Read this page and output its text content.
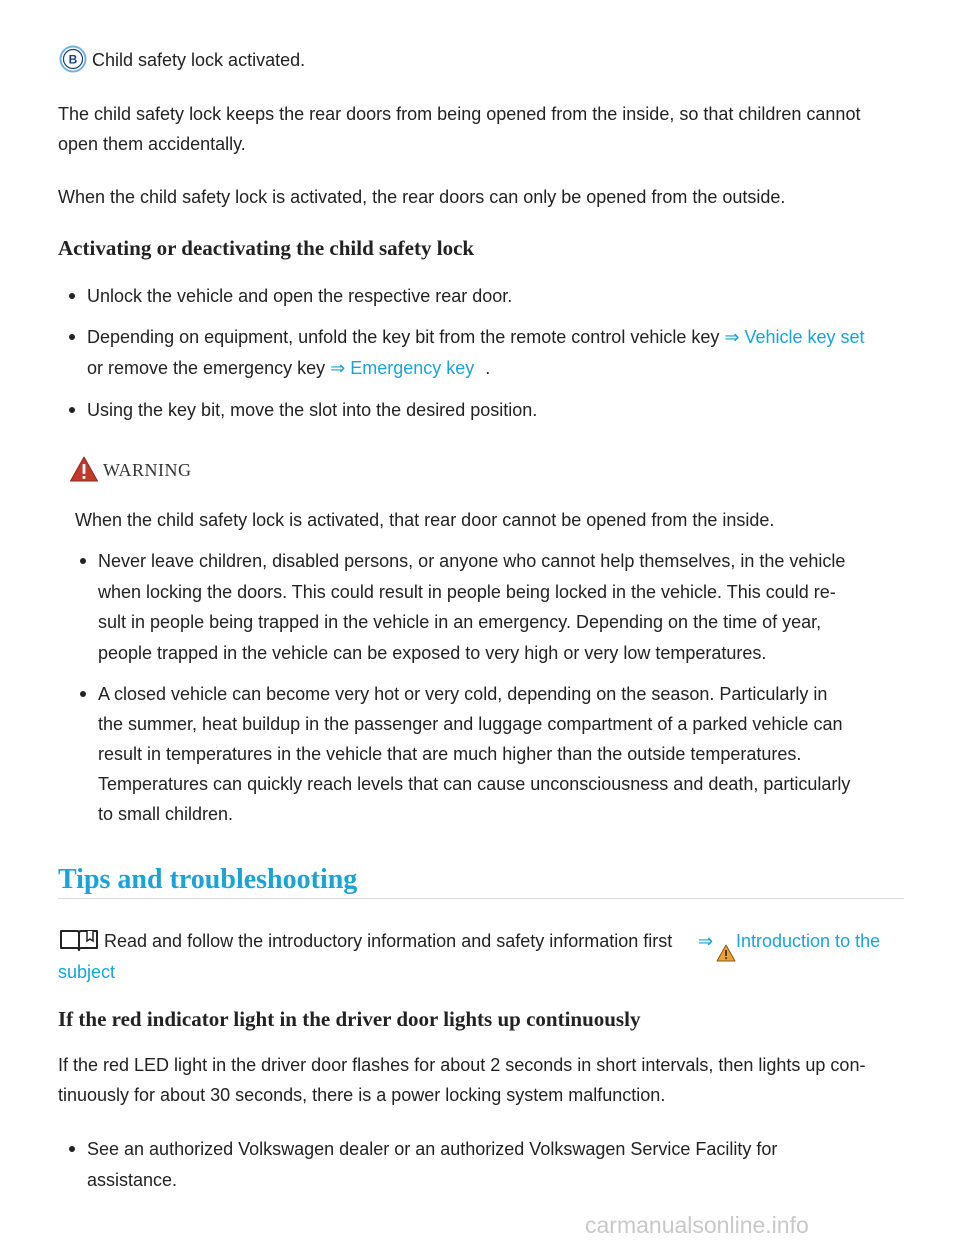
B Child safety lock activated.

The child safety lock keeps the rear doors from being opened from the inside, so that children cannot

open them accidentally.

When the child safety lock is activated, the rear doors can only be opened from the outside.

Activating or deactivating the child safety lock

Unlock the vehicle and open the respective rear door.

Depending on equipment, unfold the key bit from the remote control vehicle key ⇒ Vehicle key set

or remove the emergency key ⇒ Emergency key .

Using the key bit, move the slot into the desired position.

WARNING

When the child safety lock is activated, that rear door cannot be opened from the inside.

Never leave children, disabled persons, or anyone who cannot help themselves, in the vehicle

when locking the doors. This could result in people being locked in the vehicle. This could re-

sult in people being trapped in the vehicle in an emergency. Depending on the time of year,

people trapped in the vehicle can be exposed to very high or very low temperatures.

A closed vehicle can become very hot or very cold, depending on the season. Particularly in

the summer, heat buildup in the passenger and luggage compartment of a parked vehicle can

result in temperatures in the vehicle that are much higher than the outside temperatures.

Temperatures can quickly reach levels that can cause unconsciousness and death, particularly

to small children.

Tips and troubleshooting

Read and follow the introductory information and safety information first ⇒ Introduction to the
subject
If the red indicator light in the driver door lights up continuously

If the red LED light in the driver door flashes for about 2 seconds in short intervals, then lights up con-

tinuously for about 30 seconds, there is a power locking system malfunction.

See an authorized Volkswagen dealer or an authorized Volkswagen Service Facility for

assistance.

carmanualsonline.info
